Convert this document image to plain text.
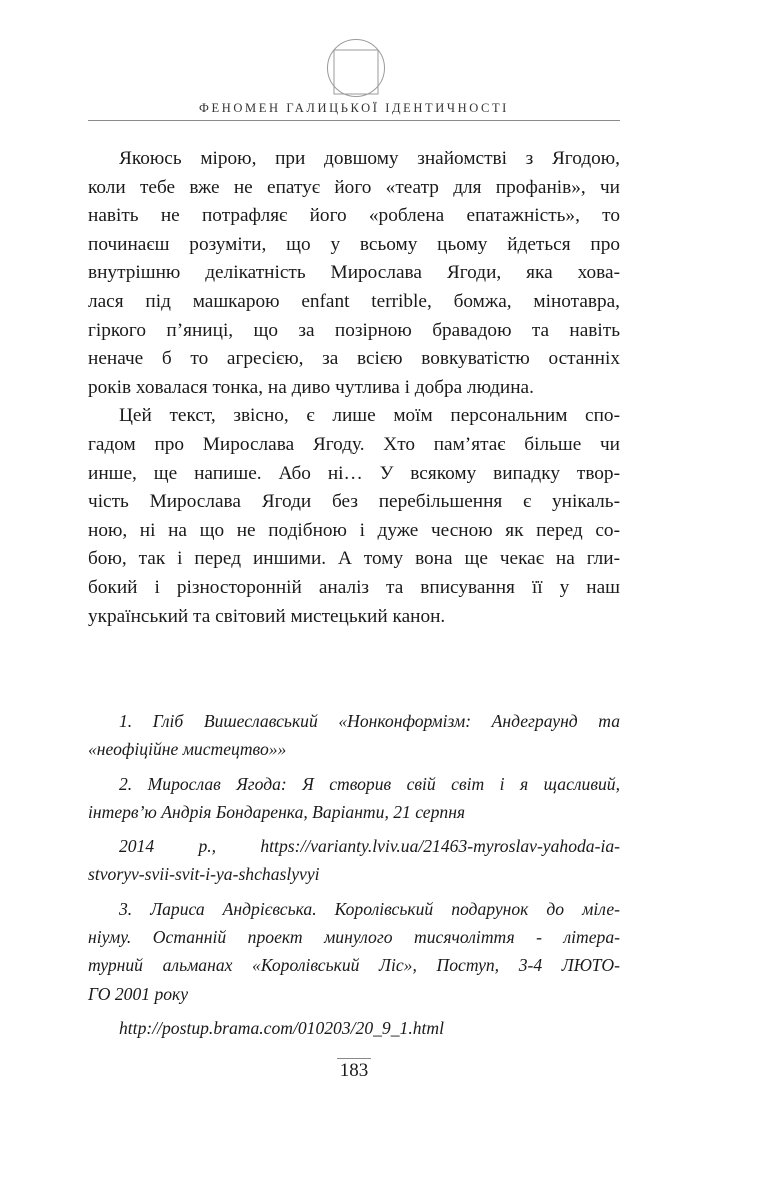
ФЕНОМЕН ГАЛИЦЬКОЇ ІДЕНТИЧНОСТІ
Якоюсь мірою, при довшому знайомстві з Ягодою,
коли тебе вже не епатує його «театр для профанів», чи
навіть не потрафляє його «роблена епатажність», то
починаєш розуміти, що у всьому цьому йдеться про
внутрішню делікатність Мирослава Ягоди, яка хова-
лася під машкарою enfant terrible, бомжа, мінотавра,
гіркого п’яниці, що за позірною бравадою та навіть
неначе б то агресією, за всією вовкуватістю останніх
років ховалася тонка, на диво чутлива і добра людина.
Цей текст, звісно, є лише моїм персональним спо-
гадом про Мирослава Ягоду. Хто пам’ятає більше чи
инше, ще напише. Або ні… У всякому випадку твор-
чість Мирослава Ягоди без перебільшення є унікаль-
ною, ні на що не подібною і дуже чесною як перед со-
бою, так і перед иншими. А тому вона ще чекає на гли-
бокий і різносторонній аналіз та вписування її у наш
український та світовий мистецький канон.
1. Гліб Вишеславський «Нонконформізм: Андеграунд та
«неофіційне мистецтво»»
2. Мирослав Ягода: Я створив свій світ і я щасливий,
інтерв’ю Андрія Бондаренка, Варіанти, 21 серпня
2014 р., https://varianty.lviv.ua/21463-myroslav-yahoda-ia-
stvoryv-svii-svit-i-ya-shchaslyvyi
3. Лариса Андрієвська. Королівський подарунок до міле-
ніуму. Останній проект минулого тисячоліття - літера-
турний альманах «Королівський Ліс», Поступ, 3-4 ЛЮТО-
ГО 2001 року
http://postup.brama.com/010203/20_9_1.html
183
